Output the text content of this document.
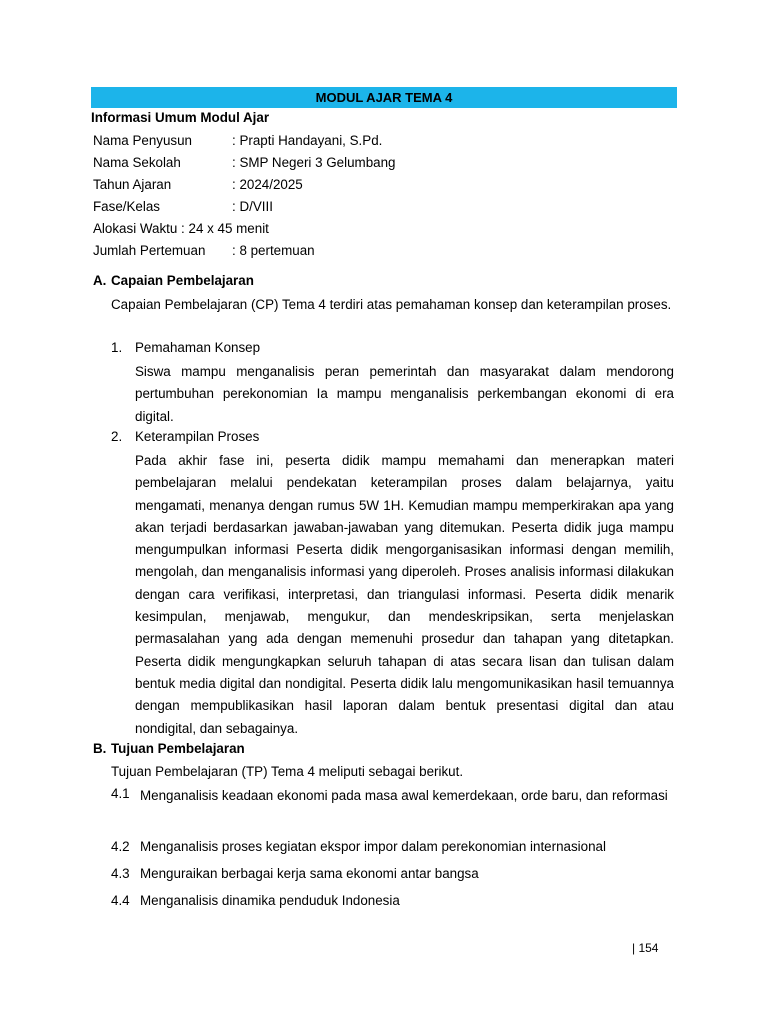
MODUL AJAR TEMA 4
Informasi Umum Modul Ajar
Nama Penyusun	: Prapti Handayani, S.Pd.
Nama Sekolah	: SMP Negeri 3 Gelumbang
Tahun Ajaran	: 2024/2025
Fase/Kelas	: D/VIII
Alokasi Waktu : 24 x 45 menit
Jumlah Pertemuan : 8 pertemuan
A. Capaian Pembelajaran
Capaian Pembelajaran (CP) Tema 4 terdiri atas pemahaman konsep dan keterampilan proses.
1. Pemahaman Konsep
Siswa mampu menganalisis peran pemerintah dan masyarakat dalam mendorong pertumbuhan perekonomian Ia mampu menganalisis perkembangan ekonomi di era digital.
2. Keterampilan Proses
Pada akhir fase ini, peserta didik mampu memahami dan menerapkan materi pembelajaran melalui pendekatan keterampilan proses dalam belajarnya, yaitu mengamati, menanya dengan rumus 5W 1H. Kemudian mampu memperkirakan apa yang akan terjadi berdasarkan jawaban-jawaban yang ditemukan. Peserta didik juga mampu mengumpulkan informasi Peserta didik mengorganisasikan informasi dengan memilih, mengolah, dan menganalisis informasi yang diperoleh. Proses analisis informasi dilakukan dengan cara verifikasi, interpretasi, dan triangulasi informasi. Peserta didik menarik kesimpulan, menjawab, mengukur, dan mendeskripsikan, serta menjelaskan permasalahan yang ada dengan memenuhi prosedur dan tahapan yang ditetapkan. Peserta didik mengungkapkan seluruh tahapan di atas secara lisan dan tulisan dalam bentuk media digital dan nondigital. Peserta didik lalu mengomunikasikan hasil temuannya dengan mempublikasikan hasil laporan dalam bentuk presentasi digital dan atau nondigital, dan sebagainya.
B. Tujuan Pembelajaran
Tujuan Pembelajaran (TP) Tema 4 meliputi sebagai berikut.
4.1 Menganalisis keadaan ekonomi pada masa awal kemerdekaan, orde baru, dan reformasi
4.2 Menganalisis proses kegiatan ekspor impor dalam perekonomian internasional
4.3 Menguraikan berbagai kerja sama ekonomi antar bangsa
4.4 Menganalisis dinamika penduduk Indonesia
| 154
